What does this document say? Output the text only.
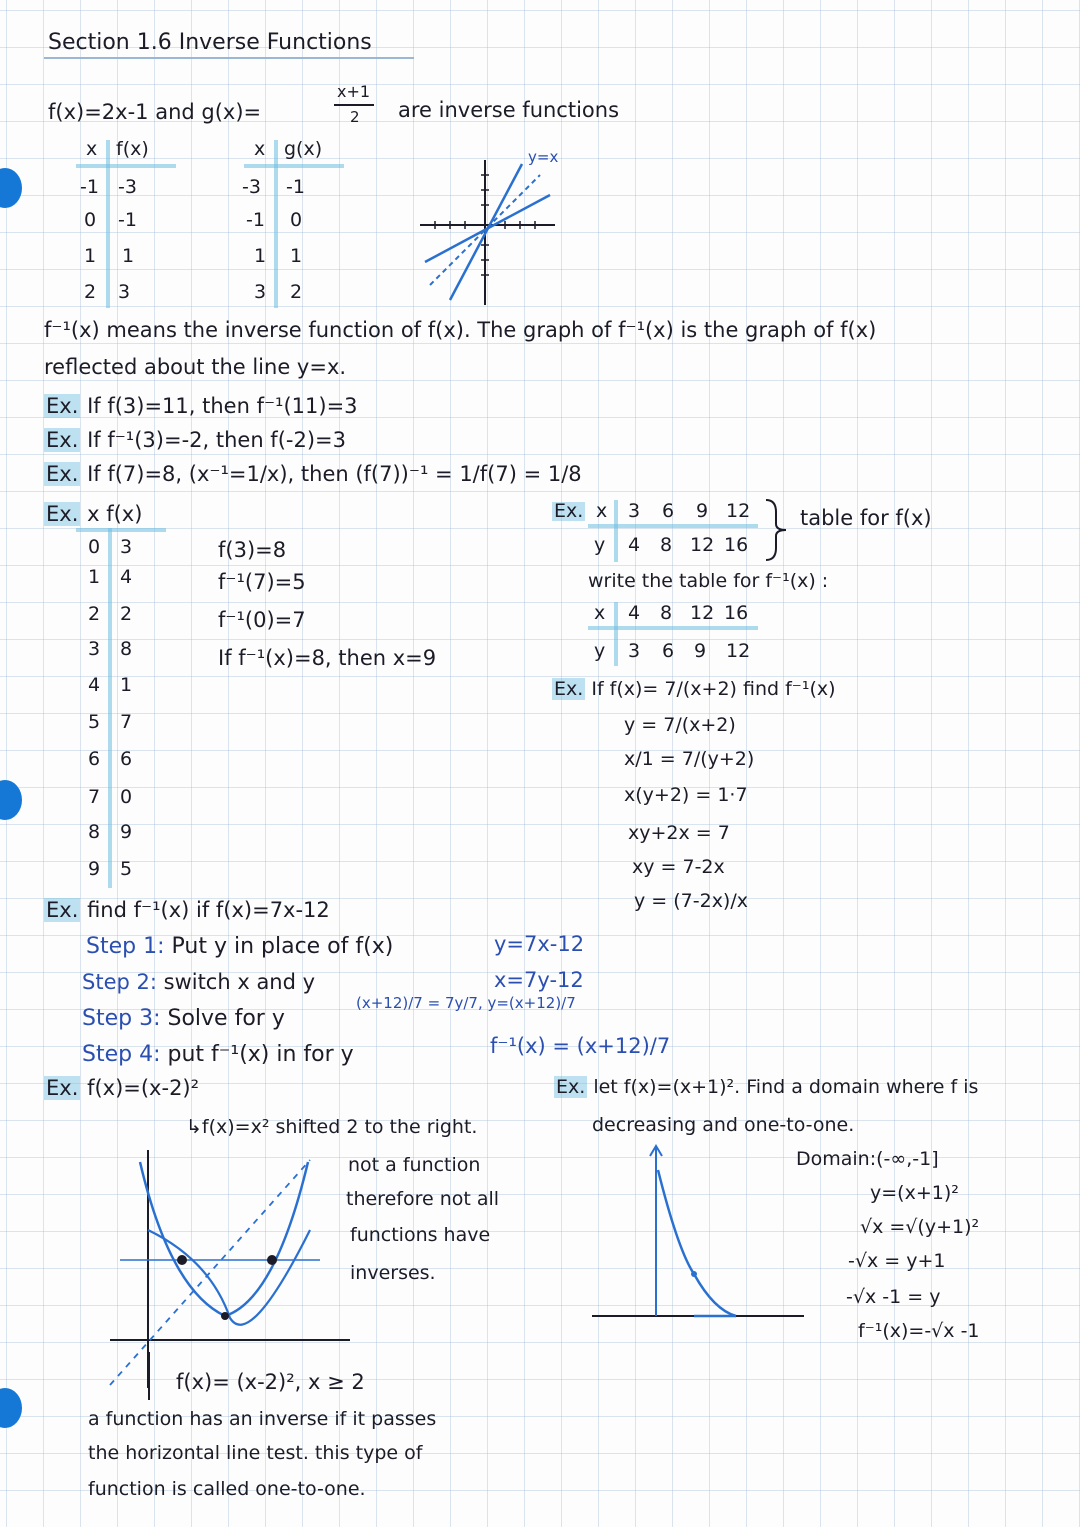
Section 1.6 Inverse Functions
f(x)=2x-1 and g(x)=
x+1
2 are inverse functions
x f(x)
-1 -3
0 -1
1 1
2 3
x g(x)
-3 -1
-1 0
1 1
3 2
y=x
f⁻¹(x) means the inverse function of f(x). The graph of f⁻¹(x) is the graph of f(x)
reflected about the line y=x.
Ex. If f(3)=11, then f⁻¹(11)=3
Ex. If f⁻¹(3)=-2, then f(-2)=3
Ex. If f(7)=8, (x⁻¹=1/x), then (f(7))⁻¹ = 1/f(7) = 1/8
Ex. x f(x)
0 3
1 4
2 2
3 8
4 1
5 7
6 6
7 0
8 9
9 5
f(3)=8
f⁻¹(7)=5
f⁻¹(0)=7
If f⁻¹(x)=8, then x=9
Ex. x 3 6 9 12
y 4 8 12 16
table for f(x)
write the table for f⁻¹(x) :
x 4 8 12 16
y 3 6 9 12
Ex. If f(x)= 7/(x+2) find f⁻¹(x)
y = 7/(x+2)
x/1 = 7/(y+2)
x(y+2) = 1·7
xy+2x = 7
xy = 7-2x
y = (7-2x)/x
Ex. find f⁻¹(x) if f(x)=7x-12
Step 1: Put y in place of f(x)	y=7x-12
Step 2: switch x and y	x=7y-12
Step 3: Solve for y
(x+12)/7 = 7y/7, y=(x+12)/7
Step 4: put f⁻¹(x) in for y	f⁻¹(x) = (x+12)/7
Ex. f(x)=(x-2)²
↳f(x)=x² shifted 2 to the right.
not a function
therefore not all
functions have
inverses.
f(x)= (x-2)², x ≥ 2
a function has an inverse if it passes
the horizontal line test. this type of
function is called one-to-one.
Ex. let f(x)=(x+1)². Find a domain where f is
decreasing and one-to-one.
Domain:(-∞,-1]
y=(x+1)²
√x =√(y+1)²
-√x = y+1
-√x -1 = y
f⁻¹(x)=-√x -1
